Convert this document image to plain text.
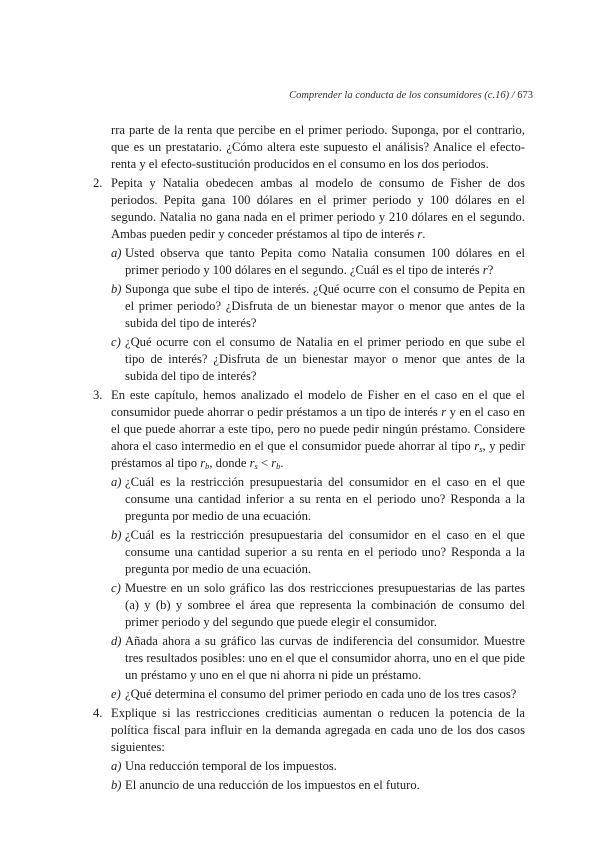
Comprender la conducta de los consumidores (c.16) / 673

rra parte de la renta que percibe en el primer periodo. Suponga, por el contrario, que es un prestatario. ¿Cómo altera este supuesto el análisis? Analice el efecto-renta y el efecto-sustitución producidos en el consumo en los dos periodos.

2. Pepita y Natalia obedecen ambas al modelo de consumo de Fisher de dos periodos. Pepita gana 100 dólares en el primer periodo y 100 dólares en el segundo. Natalia no gana nada en el primer periodo y 210 dólares en el segundo. Ambas pueden pedir y conceder préstamos al tipo de interés r.
a) Usted observa que tanto Pepita como Natalia consumen 100 dólares en el primer periodo y 100 dólares en el segundo. ¿Cuál es el tipo de interés r?
b) Suponga que sube el tipo de interés. ¿Qué ocurre con el consumo de Pepita en el primer periodo? ¿Disfruta de un bienestar mayor o menor que antes de la subida del tipo de interés?
c) ¿Qué ocurre con el consumo de Natalia en el primer periodo en que sube el tipo de interés? ¿Disfruta de un bienestar mayor o menor que antes de la subida del tipo de interés?
3. En este capítulo, hemos analizado el modelo de Fisher en el caso en el que el consumidor puede ahorrar o pedir préstamos a un tipo de interés r y en el caso en el que puede ahorrar a este tipo, pero no puede pedir ningún préstamo. Considere ahora el caso intermedio en el que el consumidor puede ahorrar al tipo $r_s$, y pedir préstamos al tipo $r_b$, donde $r_s < r_b$.
a) ¿Cuál es la restricción presupuestaria del consumidor en el caso en el que consume una cantidad inferior a su renta en el periodo uno? Responda a la pregunta por medio de una ecuación.
b) ¿Cuál es la restricción presupuestaria del consumidor en el caso en el que consume una cantidad superior a su renta en el periodo uno? Responda a la pregunta por medio de una ecuación.
c) Muestre en un solo gráfico las dos restricciones presupuestarias de las partes (a) y (b) y sombree el área que representa la combinación de consumo del primer periodo y del segundo que puede elegir el consumidor.
d) Añada ahora a su gráfico las curvas de indiferencia del consumidor. Muestre tres resultados posibles: uno en el que el consumidor ahorra, uno en el que pide un préstamo y uno en el que ni ahorra ni pide un préstamo.
e) ¿Qué determina el consumo del primer periodo en cada uno de los tres casos?
4. Explique si las restricciones crediticias aumentan o reducen la potencia de la política fiscal para influir en la demanda agregada en cada uno de los dos casos siguientes:
a) Una reducción temporal de los impuestos.
b) El anuncio de una reducción de los impuestos en el futuro.
